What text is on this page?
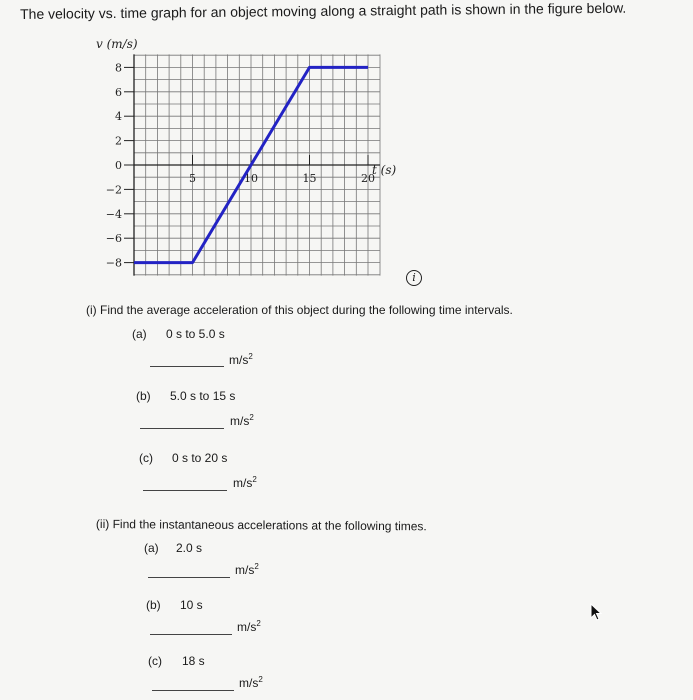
The velocity vs. time graph for an object moving along a straight path is shown in the figure below.
8
6
4
2
0
−2
−4
−6
−8
5	10	15	20
v (m/s)
t (s)
i
(i) Find the average acceleration of this object during the following time intervals.
(a) 0 s to 5.0 s
$m/s^2$
(b) 5.0 s to 15 s
$m/s^2$
(c) 0 s to 20 s
$m/s^2$
(ii) Find the instantaneous accelerations at the following times.
(a) 2.0 s
$m/s^2$
(b) 10 s
$m/s^2$
(c) 18 s
$m/s^2$
